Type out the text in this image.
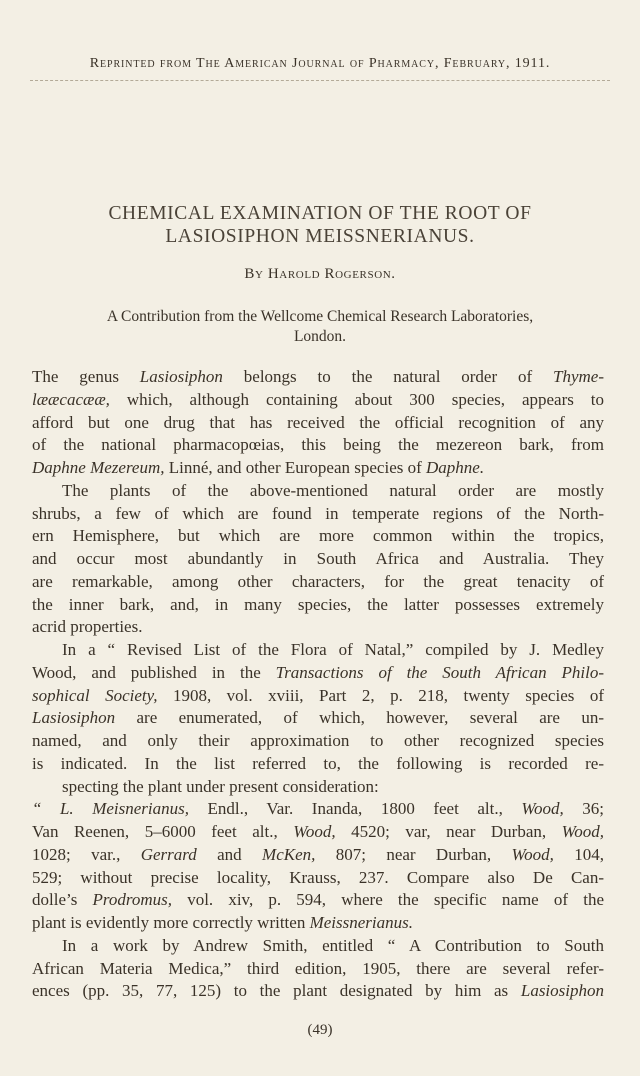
Reprinted from The American Journal of Pharmacy, February, 1911.
CHEMICAL EXAMINATION OF THE ROOT OF
LASIOSIPHON MEISSNERIANUS.
By Harold Rogerson.
A Contribution from the Wellcome Chemical Research Laboratories,
London.
The genus Lasiosiphon belongs to the natural order of Thyme-
lææcacææ, which, although containing about 300 species, appears to
afford but one drug that has received the official recognition of any
of the national pharmacopœias, this being the mezereon bark, from
Daphne Mezereum, Linné, and other European species of Daphne.
The plants of the above-mentioned natural order are mostly
shrubs, a few of which are found in temperate regions of the North-
ern Hemisphere, but which are more common within the tropics,
and occur most abundantly in South Africa and Australia. They
are remarkable, among other characters, for the great tenacity of
the inner bark, and, in many species, the latter possesses extremely
acrid properties.
In a “ Revised List of the Flora of Natal,” compiled by J. Medley
Wood, and published in the Transactions of the South African Philo-
sophical Society, 1908, vol. xviii, Part 2, p. 218, twenty species of
Lasiosiphon are enumerated, of which, however, several are un-
named, and only their approximation to other recognized species
is indicated. In the list referred to, the following is recorded re-
specting the plant under present consideration:
“ L. Meisnerianus, Endl., Var. Inanda, 1800 feet alt., Wood, 36;
Van Reenen, 5–6000 feet alt., Wood, 4520; var, near Durban, Wood,
1028; var., Gerrard and McKen, 807; near Durban, Wood, 104,
529; without precise locality, Krauss, 237. Compare also De Can-
dolle’s Prodromus, vol. xiv, p. 594, where the specific name of the
plant is evidently more correctly written Meissnerianus.
In a work by Andrew Smith, entitled “ A Contribution to South
African Materia Medica,” third edition, 1905, there are several refer-
ences (pp. 35, 77, 125) to the plant designated by him as Lasiosiphon
(49)
